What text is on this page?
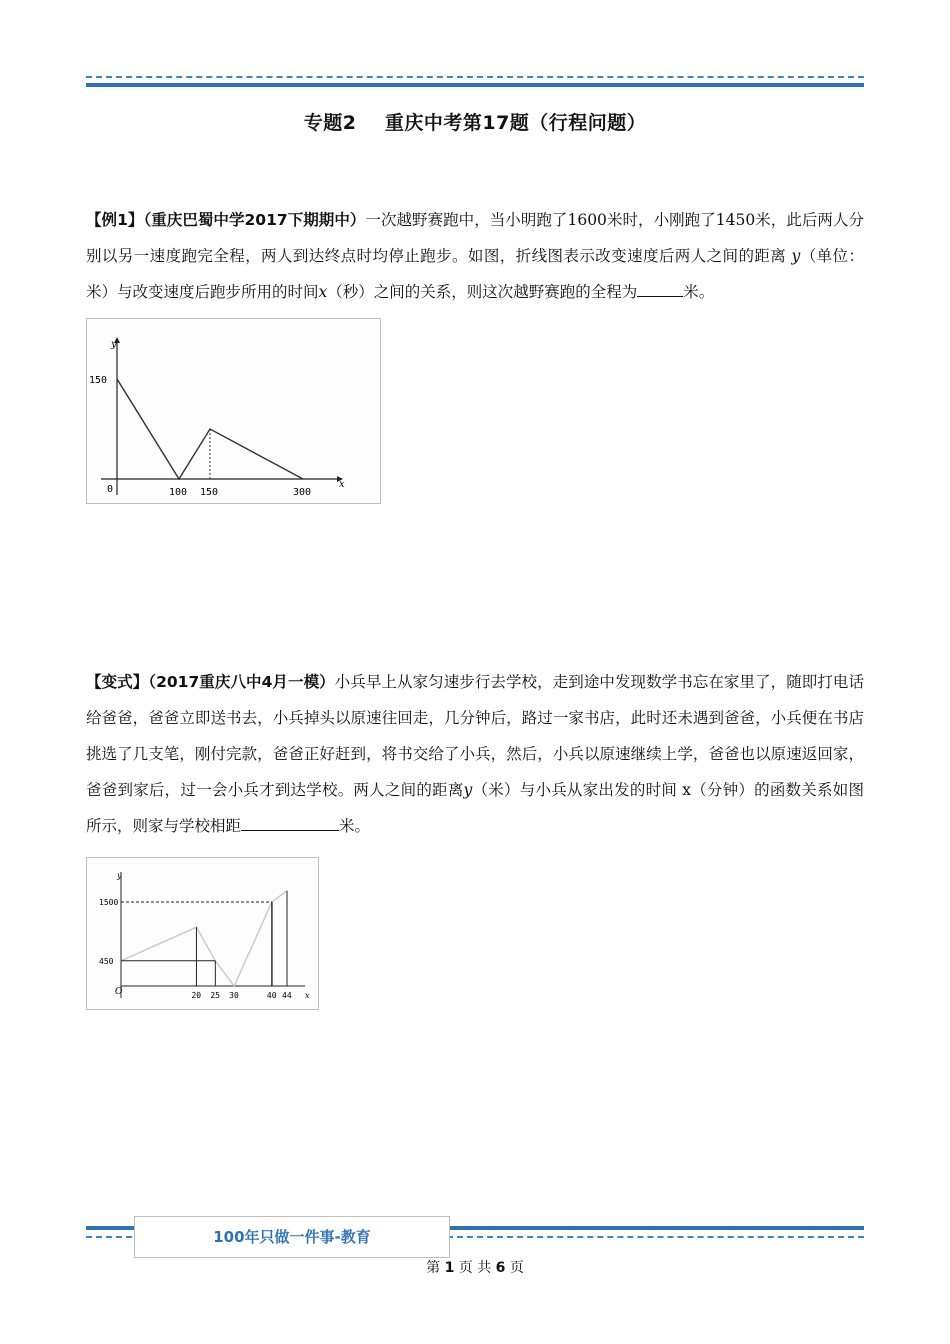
专题2    重庆中考第17题（行程问题）
【例1】（重庆巴蜀中学2017下期期中）一次越野赛跑中，当小明跑了1600米时，小刚跑了1450米，此后两人分别以另一速度跑完全程，两人到达终点时均停止跑步。如图，折线图表示改变速度后两人之间的距离 y（单位：米）与改变速度后跑步所用的时间x（秒）之间的关系，则这次越野赛跑的全程为	米。
y
x
0	100 150	300
150
【变式】（2017重庆八中4月一模）小兵早上从家匀速步行去学校，走到途中发现数学书忘在家里了，随即打电话给爸爸，爸爸立即送书去，小兵掉头以原速往回走，几分钟后，路过一家书店，此时还未遇到爸爸，小兵便在书店挑选了几支笔，刚付完款，爸爸正好赶到，将书交给了小兵，然后，小兵以原速继续上学，爸爸也以原速返回家，爸爸到家后，过一会小兵才到达学校。两人之间的距离y（米）与小兵从家出发的时间 x（分钟）的函数关系如图所示，则家与学校相距	米。
y
x
O	20 25 30	40 44
1500
450
100年只做一件事-教育
第 1 页 共 6 页
